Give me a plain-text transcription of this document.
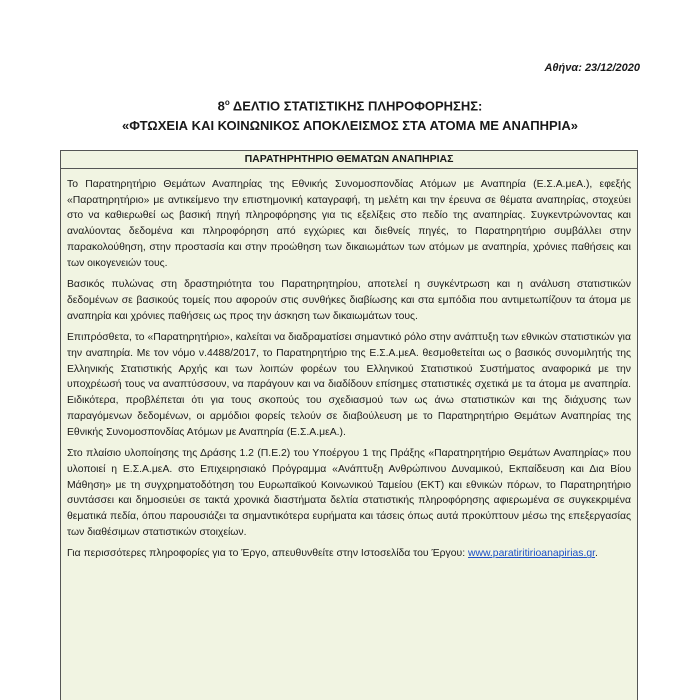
Αθήνα: 23/12/2020
$8^o$ ΔΕΛΤΙΟ ΣΤΑΤΙΣΤΙΚΗΣ ΠΛΗΡΟΦΟΡΗΣΗΣ:
«ΦΤΩΧΕΙΑ ΚΑΙ ΚΟΙΝΩΝΙΚΟΣ ΑΠΟΚΛΕΙΣΜΟΣ ΣΤΑ ΑΤΟΜΑ ΜΕ ΑΝΑΠΗΡΙΑ»
ΠΑΡΑΤΗΡΗΤΗΡΙΟ ΘΕΜΑΤΩΝ ΑΝΑΠΗΡΙΑΣ

Το Παρατηρητήριο Θεμάτων Αναπηρίας της Εθνικής Συνομοσπονδίας Ατόμων με Αναπηρία (Ε.Σ.Α.μεΑ.), εφεξής «Παρατηρητήριο» με αντικείμενο την επιστημονική καταγραφή, τη μελέτη και την έρευνα σε θέματα αναπηρίας, στοχεύει στο να καθιερωθεί ως βασική πηγή πληροφόρησης για τις εξελίξεις στο πεδίο της αναπηρίας. Συγκεντρώνοντας και αναλύοντας δεδομένα και πληροφόρηση από εγχώριες και διεθνείς πηγές, το Παρατηρητήριο συμβάλλει στην παρακολούθηση, στην προστασία και στην προώθηση των δικαιωμάτων των ατόμων με αναπηρία, χρόνιες παθήσεις και των οικογενειών τους.

Βασικός πυλώνας στη δραστηριότητα του Παρατηρητηρίου, αποτελεί η συγκέντρωση και η ανάλυση στατιστικών δεδομένων σε βασικούς τομείς που αφορούν στις συνθήκες διαβίωσης και στα εμπόδια που αντιμετωπίζουν τα άτομα με αναπηρία και χρόνιες παθήσεις ως προς την άσκηση των δικαιωμάτων τους.

Επιπρόσθετα, το «Παρατηρητήριο», καλείται να διαδραματίσει σημαντικό ρόλο στην ανάπτυξη των εθνικών στατιστικών για την αναπηρία. Με τον νόμο ν.4488/2017, το Παρατηρητήριο της Ε.Σ.Α.μεΑ. θεσμοθετείται ως ο βασικός συνομιλητής της Ελληνικής Στατιστικής Αρχής και των λοιπών φορέων του Ελληνικού Στατιστικού Συστήματος αναφορικά με την υποχρέωσή τους να αναπτύσσουν, να παράγουν και να διαδίδουν επίσημες στατιστικές σχετικά με τα άτομα με αναπηρία. Ειδικότερα, προβλέπεται ότι για τους σκοπούς του σχεδιασμού των ως άνω στατιστικών και της διάχυσης των παραγόμενων δεδομένων, οι αρμόδιοι φορείς τελούν σε διαβούλευση με το Παρατηρητήριο Θεμάτων Αναπηρίας της Εθνικής Συνομοσπονδίας Ατόμων με Αναπηρία (Ε.Σ.Α.μεΑ.).

Στο πλαίσιο υλοποίησης της Δράσης 1.2 (Π.Ε.2) του Υποέργου 1 της Πράξης «Παρατηρητήριο Θεμάτων Αναπηρίας» που υλοποιεί η Ε.Σ.Α.μεΑ. στο Επιχειρησιακό Πρόγραμμα «Ανάπτυξη Ανθρώπινου Δυναμικού, Εκπαίδευση και Δια Βίου Μάθηση» με τη συγχρηματοδότηση του Ευρωπαϊκού Κοινωνικού Ταμείου (ΕΚΤ) και εθνικών πόρων, το Παρατηρητήριο συντάσσει και δημοσιεύει σε τακτά χρονικά διαστήματα δελτία στατιστικής πληροφόρησης αφιερωμένα σε συγκεκριμένα θεματικά πεδία, όπου παρουσιάζει τα σημαντικότερα ευρήματα και τάσεις όπως αυτά προκύπτουν μέσω της επεξεργασίας των διαθέσιμων στατιστικών στοιχείων.

Για περισσότερες πληροφορίες για το Έργο, απευθυνθείτε στην Ιστοσελίδα του Έργου: www.paratiritirioanapirias.gr.
